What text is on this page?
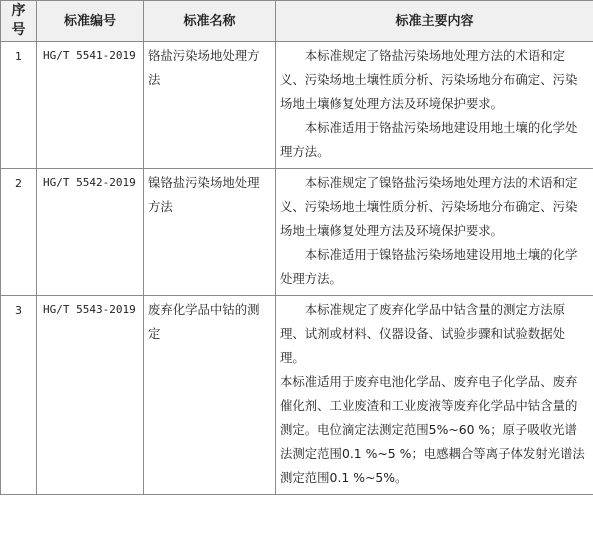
序号	标准编号	标准名称	标准主要内容
1	HG/T 5541-2019	铬盐污染场地处理方法	本标准规定了铬盐污染场地处理方法的术语和定义、污染场地土壤性质分析、污染场地分布确定、污染场地土壤修复处理方法及环境保护要求。

本标准适用于铬盐污染场地建设用地土壤的化学处理方法。

2	HG/T 5542-2019	镍铬盐污染场地处理方法	本标准规定了镍铬盐污染场地处理方法的术语和定义、污染场地土壤性质分析、污染场地分布确定、污染场地土壤修复处理方法及环境保护要求。

本标准适用于镍铬盐污染场地建设用地土壤的化学处理方法。

3	HG/T 5543-2019	废弃化学品中钴的测定	本标准规定了废弃化学品中钴含量的测定方法原理、试剂或材料、仪器设备、试验步骤和试验数据处理。

本标准适用于废弃电池化学品、废弃电子化学品、废弃催化剂、工业废渣和工业废液等废弃化学品中钴含量的测定。电位滴定法测定范围5%~60 %；原子吸收光谱法测定范围0.1 %~5 %；电感耦合等离子体发射光谱法测定范围0.1 %~5%。
